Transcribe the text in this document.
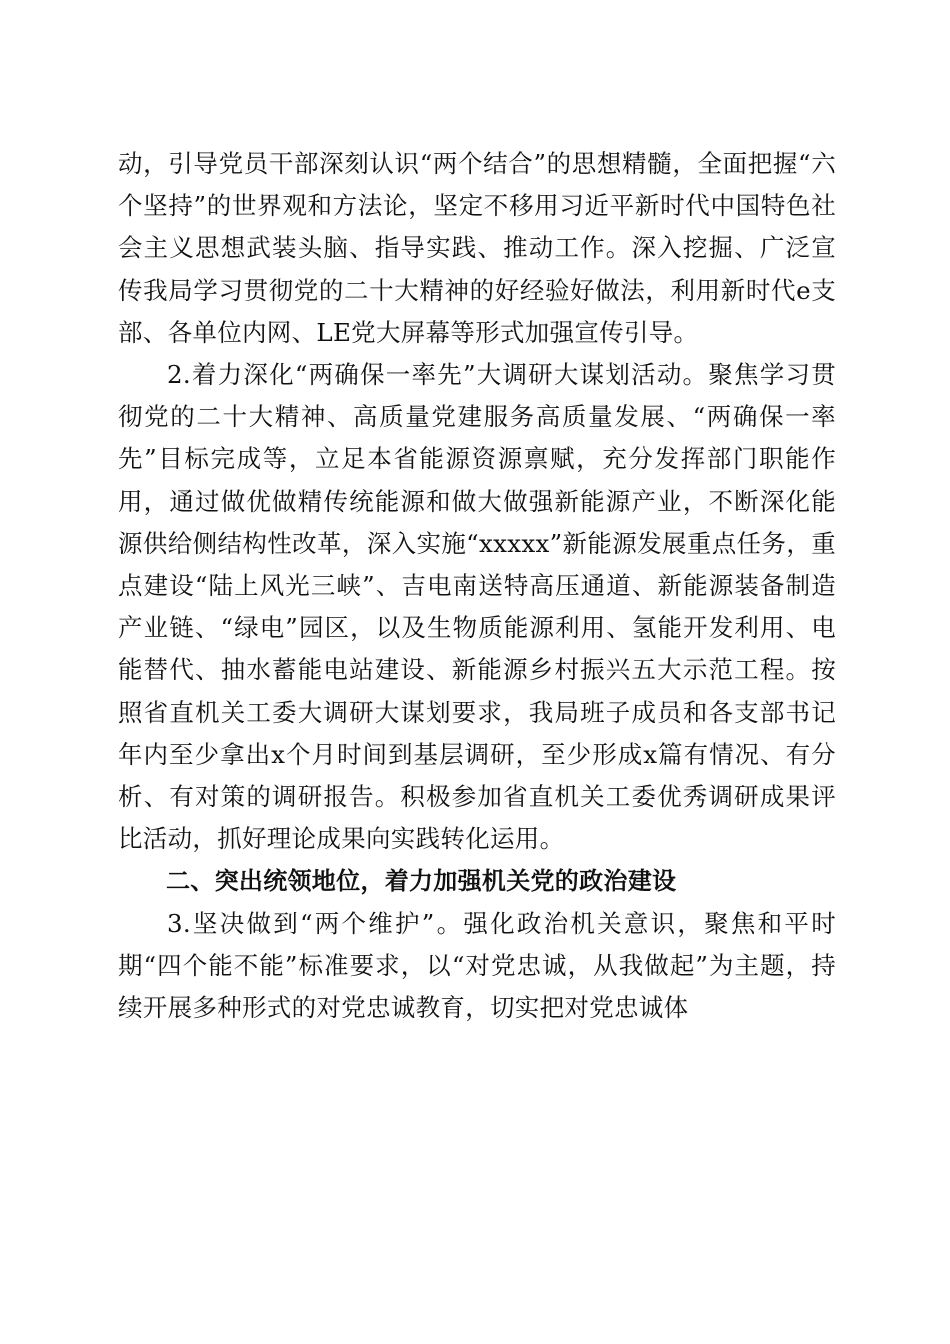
动，引导党员干部深刻认识“两个结合”的思想精髓，全面把握“六个坚持”的世界观和方法论，坚定不移用习近平新时代中国特色社会主义思想武装头脑、指导实践、推动工作。深入挖掘、广泛宣传我局学习贯彻党的二十大精神的好经验好做法，利用新时代e支部、各单位内网、LE党大屏幕等形式加强宣传引导。

2.着力深化“两确保一率先”大调研大谋划活动。聚焦学习贯彻党的二十大精神、高质量党建服务高质量发展、“两确保一率先”目标完成等，立足本省能源资源禀赋，充分发挥部门职能作用，通过做优做精传统能源和做大做强新能源产业，不断深化能源供给侧结构性改革，深入实施“xxxxx”新能源发展重点任务，重点建设“陆上风光三峡”、吉电南送特高压通道、新能源装备制造产业链、“绿电”园区，以及生物质能源利用、氢能开发利用、电能替代、抽水蓄能电站建设、新能源乡村振兴五大示范工程。按照省直机关工委大调研大谋划要求，我局班子成员和各支部书记年内至少拿出x个月时间到基层调研，至少形成x篇有情况、有分析、有对策的调研报告。积极参加省直机关工委优秀调研成果评比活动，抓好理论成果向实践转化运用。

二、突出统领地位，着力加强机关党的政治建设

3.坚决做到“两个维护”。强化政治机关意识，聚焦和平时期“四个能不能”标准要求，以“对党忠诚，从我做起”为主题，持续开展多种形式的对党忠诚教育，切实把对党忠诚体
